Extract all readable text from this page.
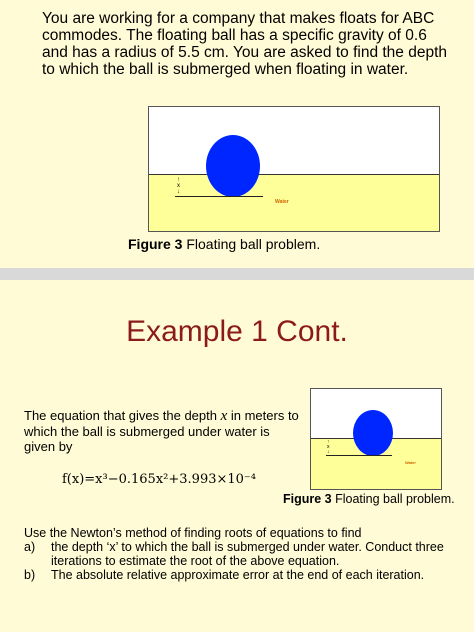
You are working for a company that makes floats for ABC commodes. The floating ball has a specific gravity of 0.6 and has a radius of 5.5 cm. You are asked to find the depth to which the ball is submerged when floating in water.

↑
x
↓
Water
Figure 3 Floating ball problem.
Example 1 Cont.

The equation that gives the depth x in meters to which the ball is submerged under water is given by

f(x)=x³−0.165x²+3.993×10⁻⁴
↑
x
↓
Water
Figure 3 Floating ball problem.
Use the Newton’s method of finding roots of equations to find
a) the depth ‘x’ to which the ball is submerged under water. Conduct three iterations to estimate the root of the above equation.
b) The absolute relative approximate error at the end of each iteration.
